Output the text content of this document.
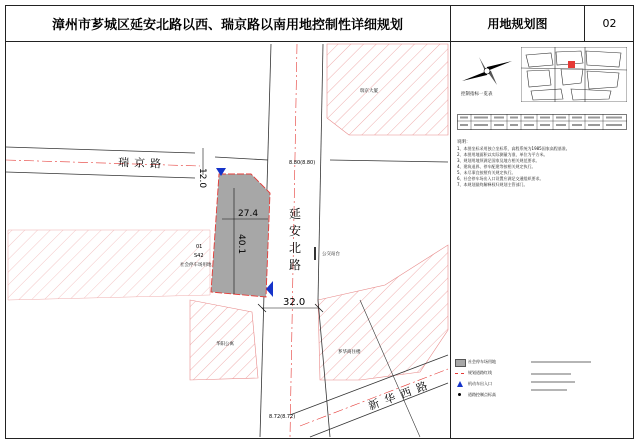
漳州市芗城区延安北路以西、瑞京路以南用地控制性详细规划	用地规划图	02
瑞京路
延
安
北
路
新华西路
12.0
27.4
40.1
32.0
8.80(8.80)
8.72(8.72)
01
S42
社会停车场用地
瑞京大厦
公交站台
华阳公寓
芗华商住楼
控制指标一览表
说明：
1、本图坐标采用独立坐标系，高程系统为1985国家高程基准。
2、本图用地面积以实际测量为准，单位为平方米。
3、规划用地须满足国家及地方相关规范要求。
4、建筑退界、停车配建等按相关规定执行。
5、未尽事宜按照有关规定执行。
6、社会停车场出入口设置应满足交通组织要求。
7、本规划最终解释权归规划主管部门。
社会停车场用地
规划道路红线
机动车出入口
道路控制点标高
